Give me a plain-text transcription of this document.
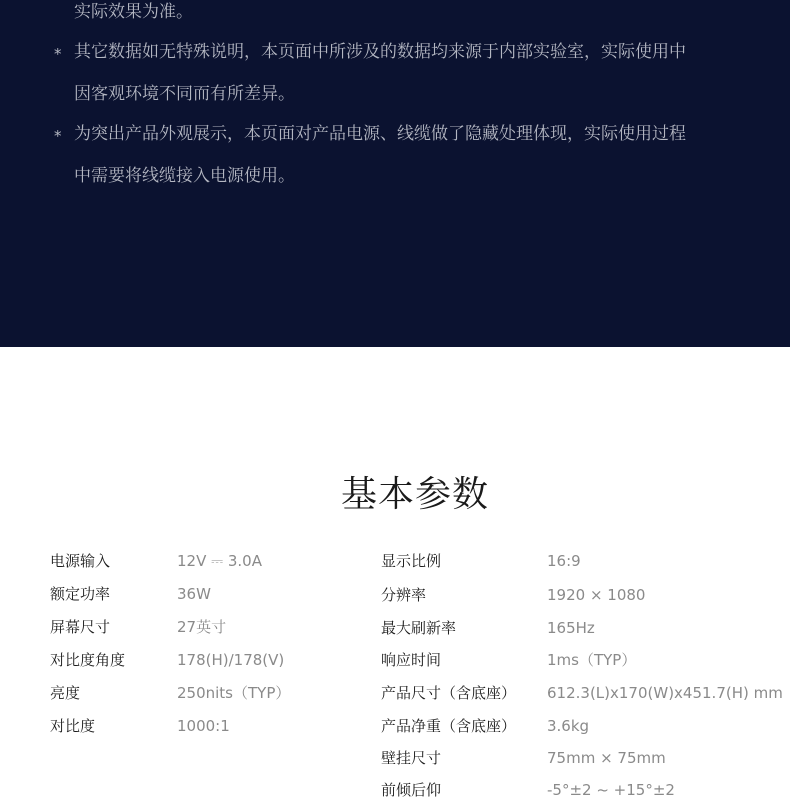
实际效果为准。
* 其它数据如无特殊说明，本页面中所涉及的数据均来源于内部实验室，实际使用中
因客观环境不同而有所差异。
* 为突出产品外观展示，本页面对产品电源、线缆做了隐藏处理体现，实际使用过程
中需要将线缆接入电源使用。
基本参数
电源输入	12V ⎓ 3.0A
额定功率	36W
屏幕尺寸	27英寸
对比度角度	178(H)/178(V)
亮度	250nits（TYP）
对比度	1000:1
显示比例	16:9
分辨率	1920 × 1080
最大刷新率	165Hz
响应时间	1ms（TYP）
产品尺寸（含底座） 612.3(L)x170(W)x451.7(H) mm
产品净重（含底座） 3.6kg
壁挂尺寸	75mm × 75mm
前倾后仰	-5°±2 ~ +15°±2
